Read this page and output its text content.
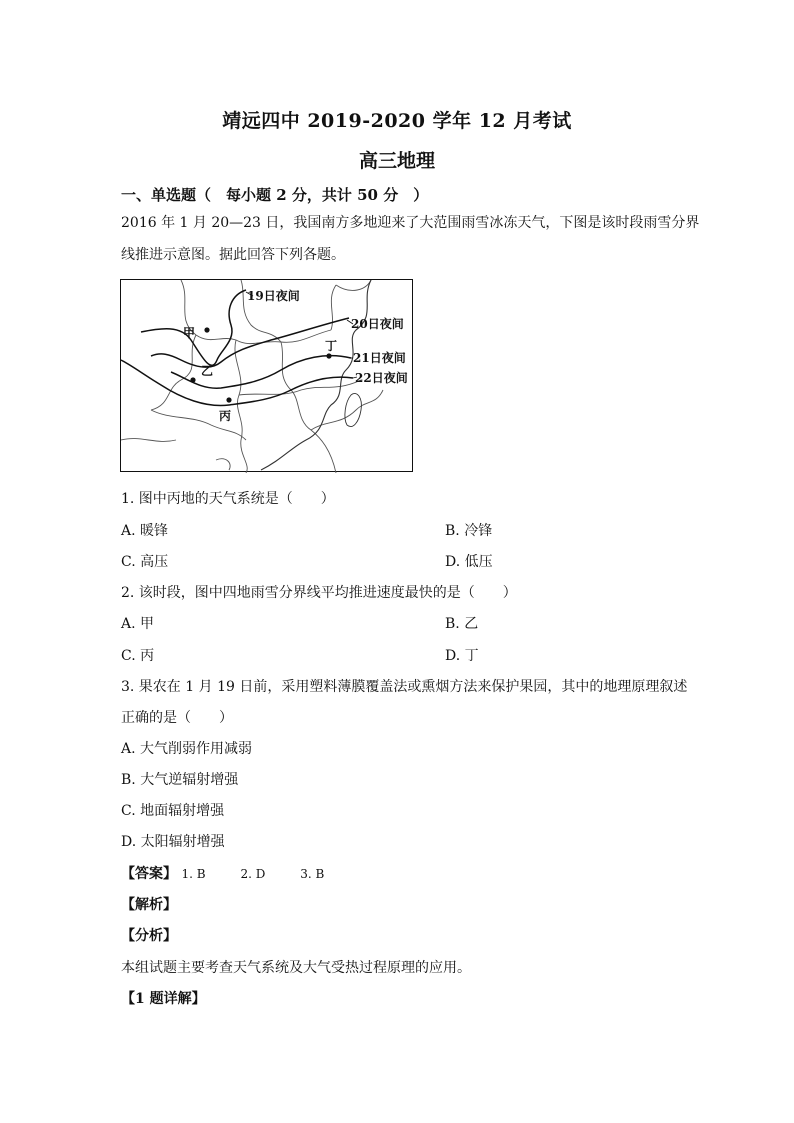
靖远四中 2019-2020 学年 12 月考试
高三地理
一、单选题（　每小题 2 分，共计 50 分　）
2016 年 1 月 20—23 日，我国南方多地迎来了大范围雨雪冰冻天气，下图是该时段雨雪分界
线推进示意图。据此回答下列各题。
19日夜间
20日夜间
21日夜间
22日夜间
甲
乙
丙
丁
1. 图中丙地的天气系统是（　　）
A. 暖锋	B. 冷锋
C. 高压	D. 低压
2. 该时段，图中四地雨雪分界线平均推进速度最快的是（　　）
A. 甲	B. 乙
C. 丙	D. 丁
3. 果农在 1 月 19 日前，采用塑料薄膜覆盖法或熏烟方法来保护果园，其中的地理原理叙述
正确的是（　　）
A. 大气削弱作用减弱
B. 大气逆辐射增强
C. 地面辐射增强
D. 太阳辐射增强
【答案】 1. B	2. D	3. B
【解析】
【分析】
本组试题主要考查天气系统及大气受热过程原理的应用。
【1 题详解】
